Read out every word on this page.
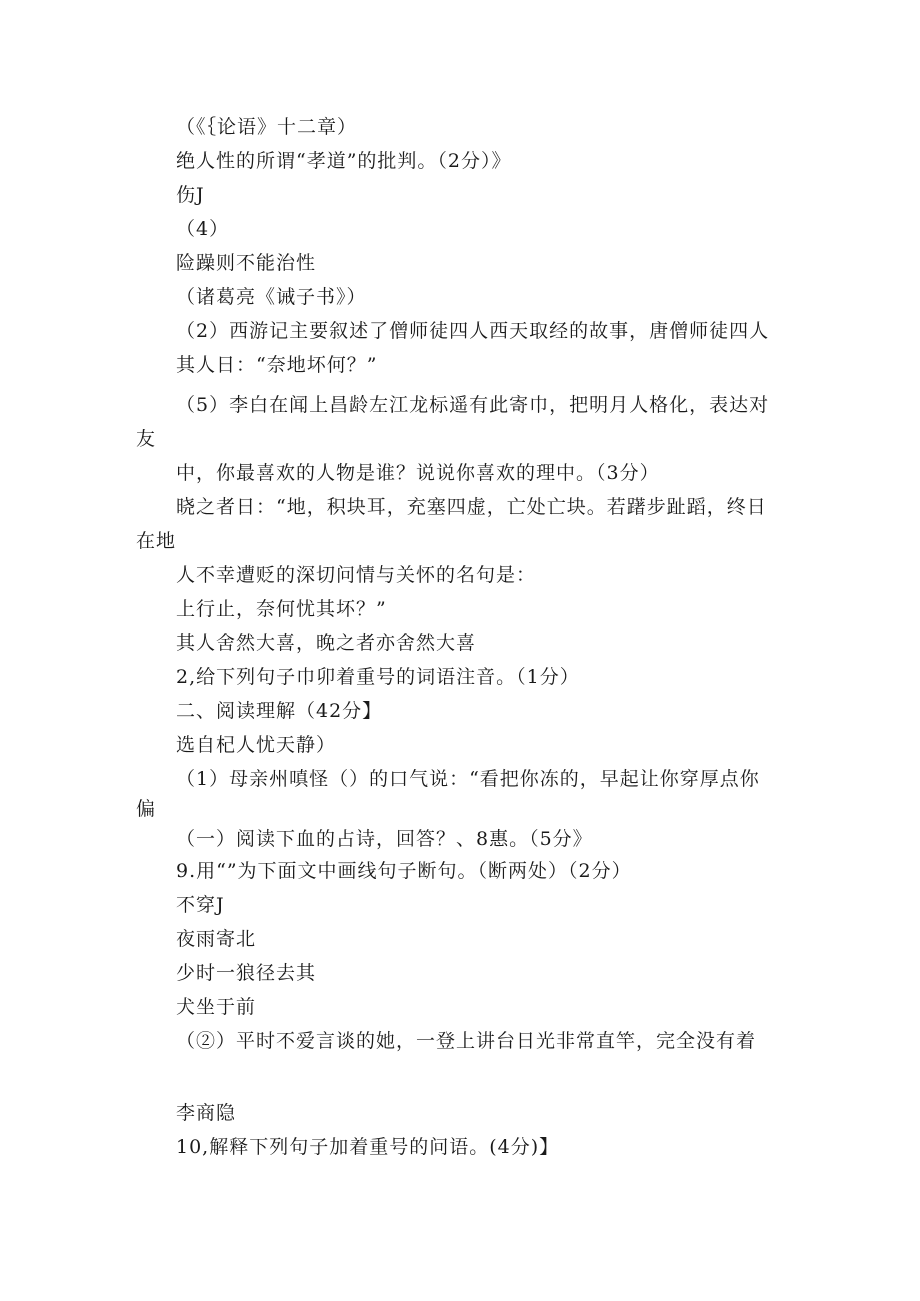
（《｛论语》十二章）
绝人性的所谓“孝道”的批判。（2分）》
伤J
（4）
险躁则不能治性
（诸葛亮《诫子书》）
（2）西游记主要叙述了僧师徒四人西天取经的故事，唐僧师徒四人
其人日：“奈地坏何？”
（5）李白在闻上昌龄左江龙标遥有此寄巾，把明月人格化，表达对
友
中，你最喜欢的人物是谁？说说你喜欢的理中。（3分）
晓之者日：“地，积块耳，充塞四虚，亡处亡块。若躇步趾蹈，终日
在地
人不幸遭贬的深切问情与关怀的名句是：
上行止，奈何忧其坏？”
其人舍然大喜，晚之者亦舍然大喜
2,给下列句子巾卯着重号的词语注音。（1分）
二、阅读理解（42分】
选自杞人忧天静）
（1）母亲州嗔怪（）的口气说：“看把你冻的，早起让你穿厚点你
偏
（一）阅读下血的占诗，回答？、8惠。（5分》
9.用“”为下面文中画线句子断句。（断两处）（2分）
不穿J
夜雨寄北
少时一狼径去其
犬坐于前
（②）平时不爱言谈的她，一登上讲台日光非常直竿，完全没有着
李商隐
10,解释下列句子加着重号的问语。(4分)】
